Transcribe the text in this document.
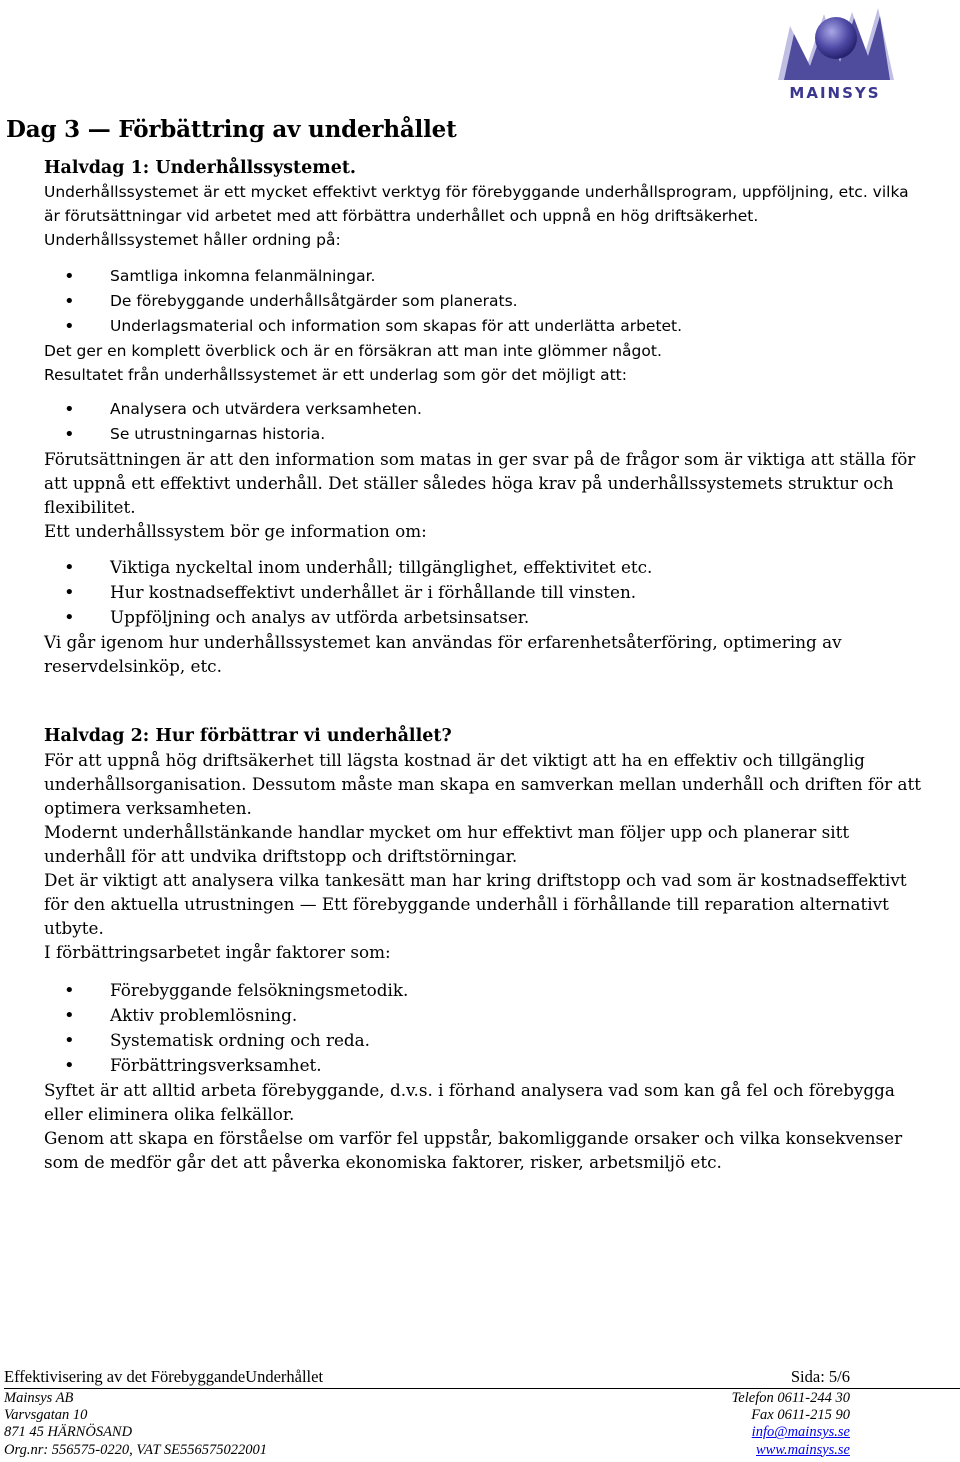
MAINSYS
Dag 3 — Förbättring av underhållet
Halvdag 1: Underhållssystemet.

Underhållssystemet är ett mycket effektivt verktyg för förebyggande underhållsprogram, uppföljning, etc. vilka är förutsättningar vid arbetet med att förbättra underhållet och uppnå en hög driftsäkerhet.

Underhållssystemet håller ordning på:

• Samtliga inkomna felanmälningar.
• De förebyggande underhållsåtgärder som planerats.
• Underlagsmaterial och information som skapas för att underlätta arbetet.

Det ger en komplett överblick och är en försäkran att man inte glömmer något.

Resultatet från underhållssystemet är ett underlag som gör det möjligt att:

• Analysera och utvärdera verksamheten.
• Se utrustningarnas historia.

Förutsättningen är att den information som matas in ger svar på de frågor som är viktiga att ställa för att uppnå ett effektivt underhåll. Det ställer således höga krav på underhållssystemets struktur och flexibilitet.

Ett underhållssystem bör ge information om:

• Viktiga nyckeltal inom underhåll; tillgänglighet, effektivitet etc.
• Hur kostnadseffektivt underhållet är i förhållande till vinsten.
• Uppföljning och analys av utförda arbetsinsatser.

Vi går igenom hur underhållssystemet kan användas för erfarenhetsåterföring, optimering av reservdelsinköp, etc.

Halvdag 2: Hur förbättrar vi underhållet?

För att uppnå hög driftsäkerhet till lägsta kostnad är det viktigt att ha en effektiv och tillgänglig underhållsorganisation. Dessutom måste man skapa en samverkan mellan underhåll och driften för att optimera verksamheten.

Modernt underhållstänkande handlar mycket om hur effektivt man följer upp och planerar sitt underhåll för att undvika driftstopp och driftstörningar.

Det är viktigt att analysera vilka tankesätt man har kring driftstopp och vad som är kostnadseffektivt för den aktuella utrustningen — Ett förebyggande underhåll i förhållande till reparation alternativt utbyte.

I förbättringsarbetet ingår faktorer som:

• Förebyggande felsökningsmetodik.
• Aktiv problemlösning.
• Systematisk ordning och reda.
• Förbättringsverksamhet.

Syftet är att alltid arbeta förebyggande, d.v.s. i förhand analysera vad som kan gå fel och förebygga eller eliminera olika felkällor.

Genom att skapa en förståelse om varför fel uppstår, bakomliggande orsaker och vilka konsekvenser som de medför går det att påverka ekonomiska faktorer, risker, arbetsmiljö etc.

Effektivisering av det FörebyggandeUnderhållet	Sida: 5/6
Mainsys AB
Varvsgatan 10
871 45 HÄRNÖSAND
Org.nr: 556575-0220, VAT SE556575022001
Telefon 0611-244 30
Fax 0611-215 90
info@mainsys.se
www.mainsys.se
